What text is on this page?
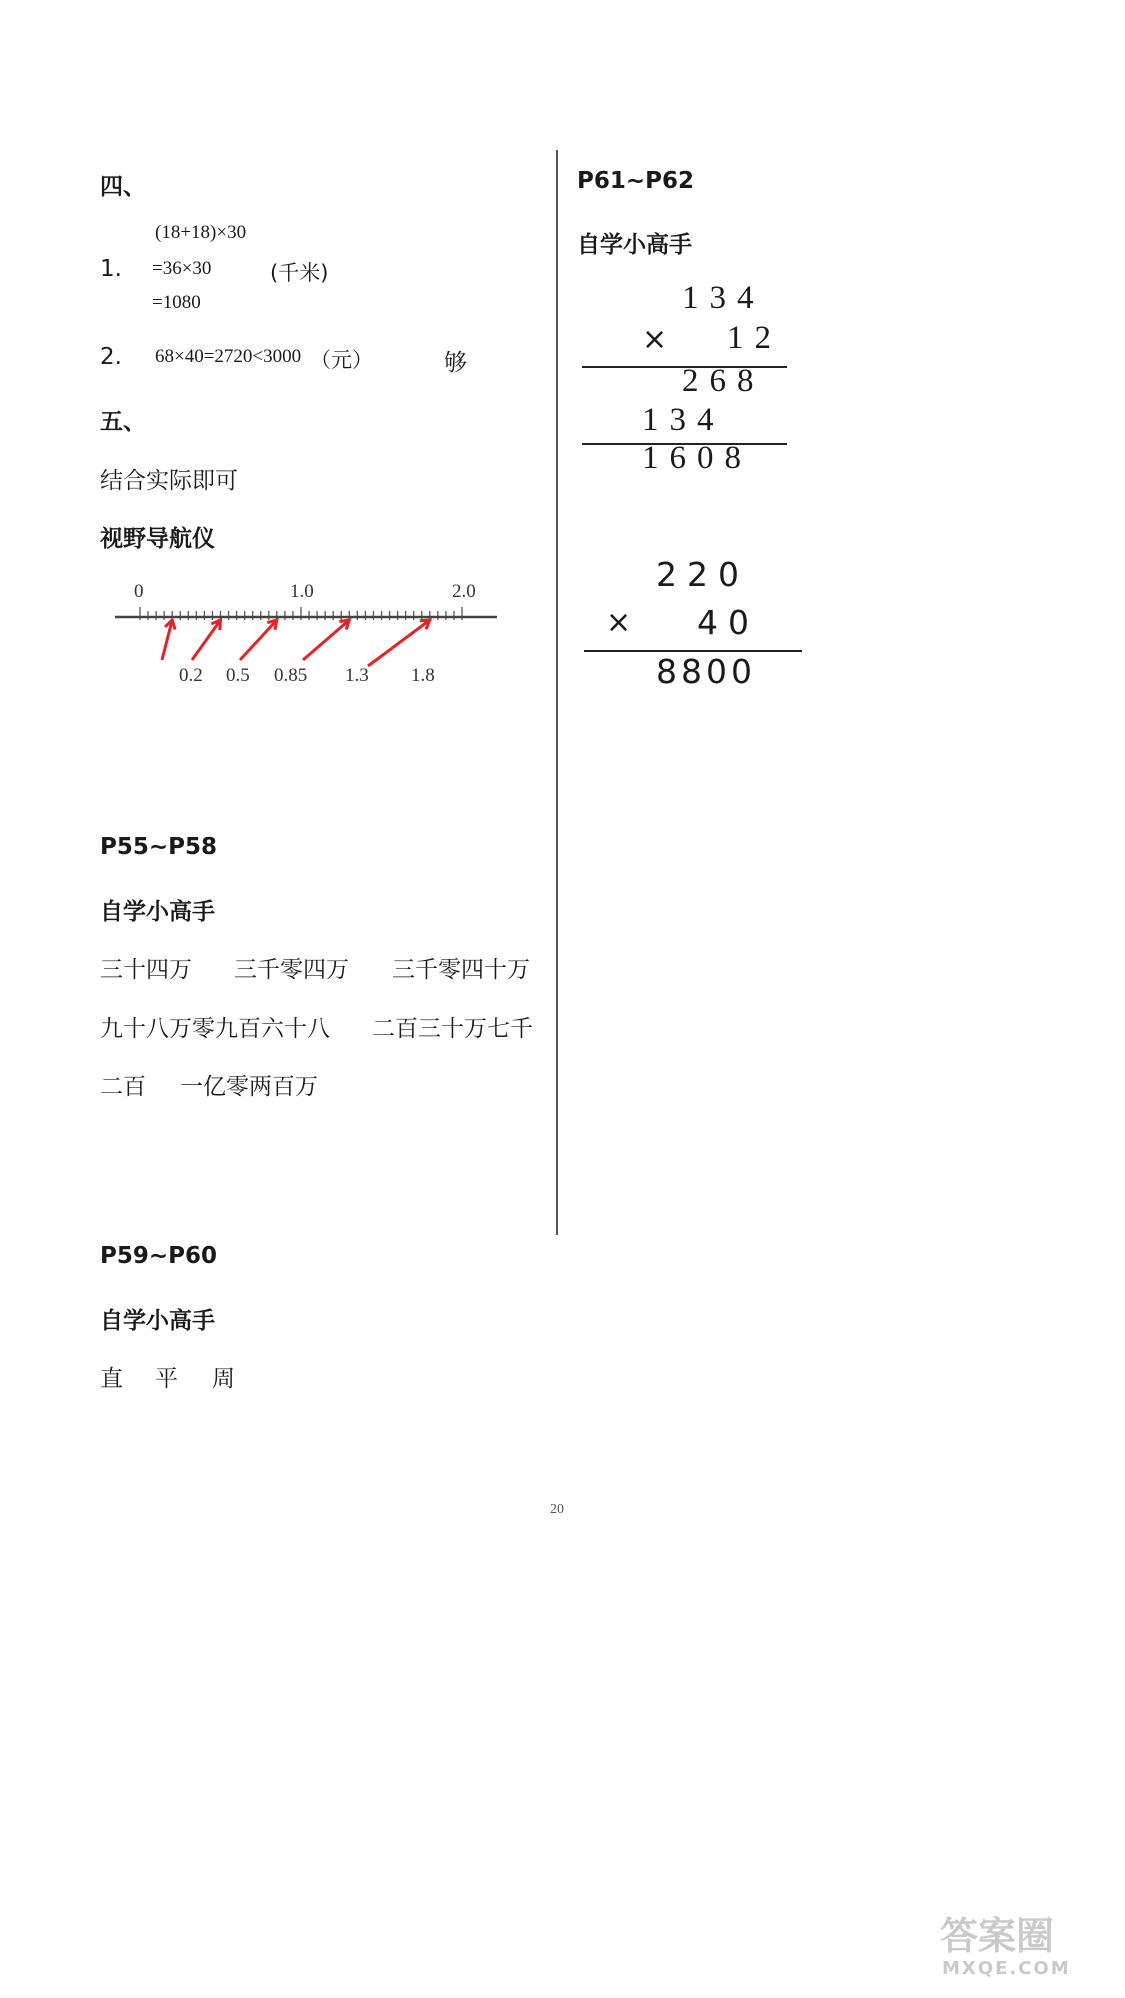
四、
(18+18)×30
1. =36×30	(千米)
=1080
2. 68×40=2720<3000 （元）	够
五、
结合实际即可
视野导航仪
0	1.0	2.0
0.2 0.5 0.85 1.3 1.8
P55~P58
自学小高手
三十四万 三千零四万 三千零四十万
九十八万零九百六十八 二百三十万七千
二百 一亿零两百万
P59~P60
自学小高手
直 平 周
P61~P62
自学小高手
134
× 12
268
134
1608
220
× 40
8800
20
答案圈
MXQE.COM
